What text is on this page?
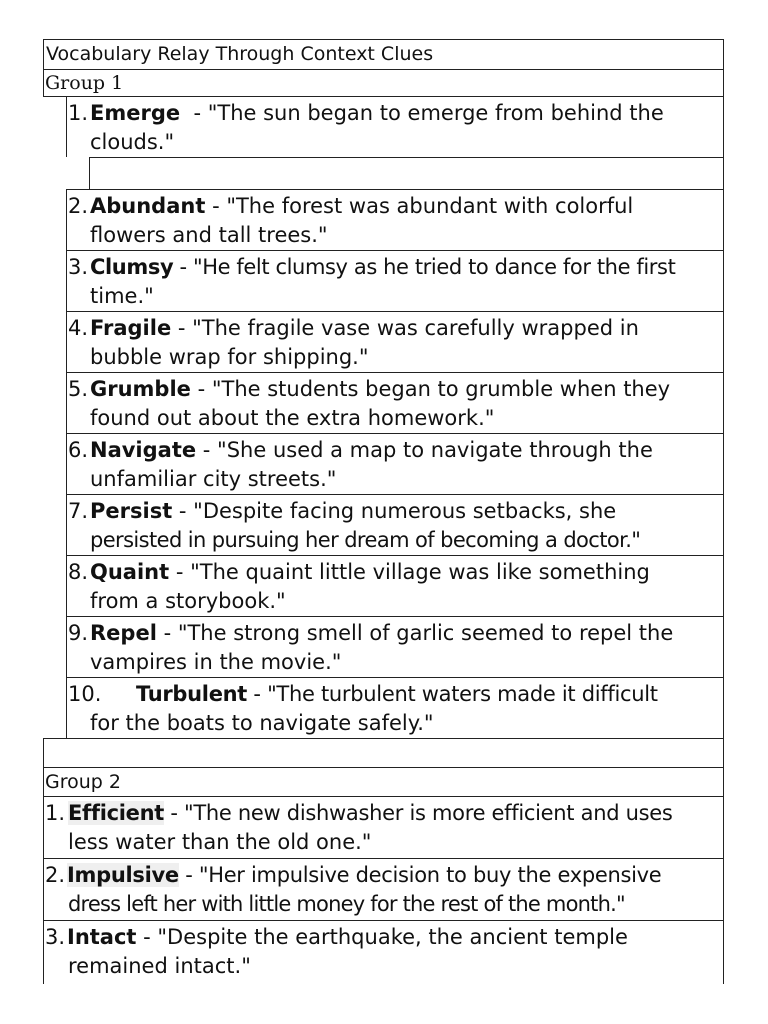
Vocabulary Relay Through Context Clues
Group 1
1. Emerge  - "The sun began to emerge from behind the
clouds."
2. Abundant - "The forest was abundant with colorful
flowers and tall trees."
3. Clumsy - "He felt clumsy as he tried to dance for the first
time."
4. Fragile - "The fragile vase was carefully wrapped in
bubble wrap for shipping."
5. Grumble - "The students began to grumble when they
found out about the extra homework."
6. Navigate - "She used a map to navigate through the
unfamiliar city streets."
7. Persist - "Despite facing numerous setbacks, she
persisted in pursuing her dream of becoming a doctor."
8. Quaint - "The quaint little village was like something
from a storybook."
9. Repel - "The strong smell of garlic seemed to repel the
vampires in the movie."
10. Turbulent - "The turbulent waters made it difficult
for the boats to navigate safely."
Group 2
1. Efficient - "The new dishwasher is more efficient and uses
less water than the old one."
2. Impulsive - "Her impulsive decision to buy the expensive
dress left her with little money for the rest of the month."
3. Intact - "Despite the earthquake, the ancient temple
remained intact."
